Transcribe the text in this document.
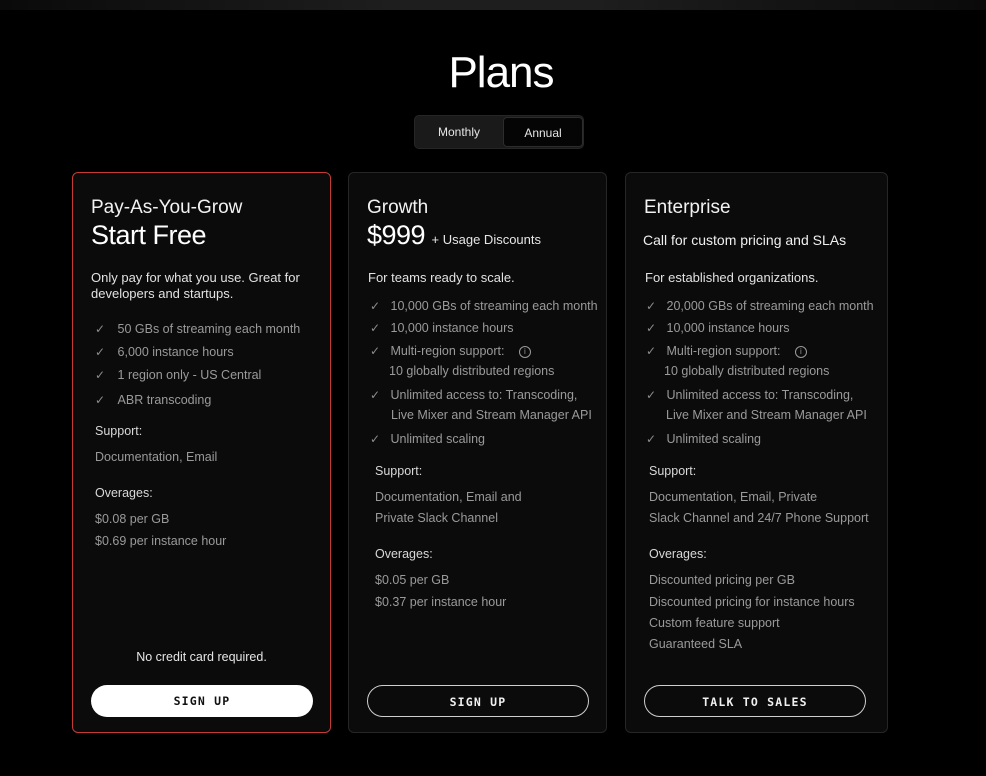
Plans
Monthly	Annual
Pay-As-You-Grow
Start Free
Only pay for what you use. Great for developers and startups.
✓ 50 GBs of streaming each month
✓ 6,000 instance hours
✓ 1 region only - US Central
✓ ABR transcoding
Support:
Documentation, Email
Overages:
$0.08 per GB
$0.69 per instance hour
No credit card required.
SIGN UP
Growth
$999 + Usage Discounts
For teams ready to scale.
✓ 10,000 GBs of streaming each month
✓ 10,000 instance hours
✓ Multi-region support: i
10 globally distributed regions
✓ Unlimited access to: Transcoding,
Live Mixer and Stream Manager API
✓ Unlimited scaling
Support:
Documentation, Email and
Private Slack Channel
Overages:
$0.05 per GB
$0.37 per instance hour
SIGN UP
Enterprise
Call for custom pricing and SLAs
For established organizations.
✓ 20,000 GBs of streaming each month
✓ 10,000 instance hours
✓ Multi-region support: i
10 globally distributed regions
✓ Unlimited access to: Transcoding,
Live Mixer and Stream Manager API
✓ Unlimited scaling
Support:
Documentation, Email, Private
Slack Channel and 24/7 Phone Support
Overages:
Discounted pricing per GB
Discounted pricing for instance hours
Custom feature support
Guaranteed SLA
TALK TO SALES
